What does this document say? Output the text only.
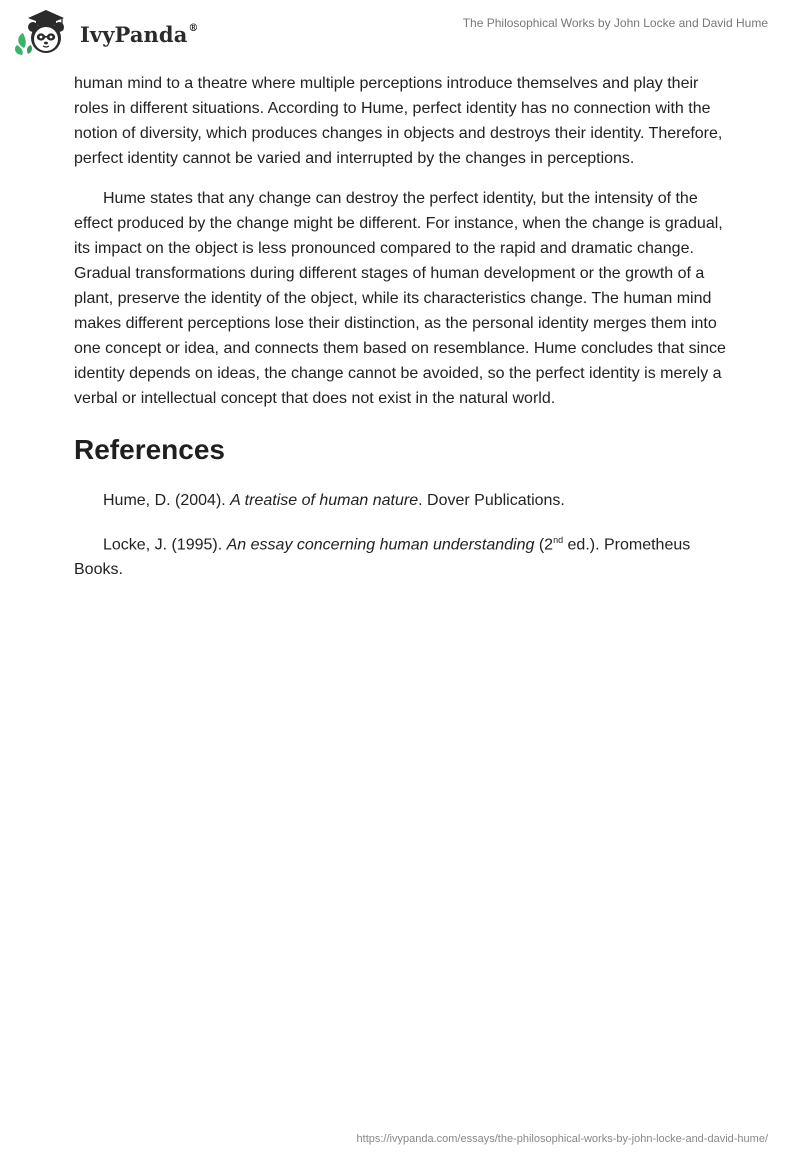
IvyPanda®	The Philosophical Works by John Locke and David Hume

human mind to a theatre where multiple perceptions introduce themselves and play their roles in different situations. According to Hume, perfect identity has no connection with the notion of diversity, which produces changes in objects and destroys their identity. Therefore, perfect identity cannot be varied and interrupted by the changes in perceptions.

Hume states that any change can destroy the perfect identity, but the intensity of the effect produced by the change might be different. For instance, when the change is gradual, its impact on the object is less pronounced compared to the rapid and dramatic change. Gradual transformations during different stages of human development or the growth of a plant, preserve the identity of the object, while its characteristics change. The human mind makes different perceptions lose their distinction, as the personal identity merges them into one concept or idea, and connects them based on resemblance. Hume concludes that since identity depends on ideas, the change cannot be avoided, so the perfect identity is merely a verbal or intellectual concept that does not exist in the natural world.

References

Hume, D. (2004). A treatise of human nature. Dover Publications.

Locke, J. (1995). An essay concerning human understanding (2nd ed.). Prometheus Books.

https://ivypanda.com/essays/the-philosophical-works-by-john-locke-and-david-hume/
